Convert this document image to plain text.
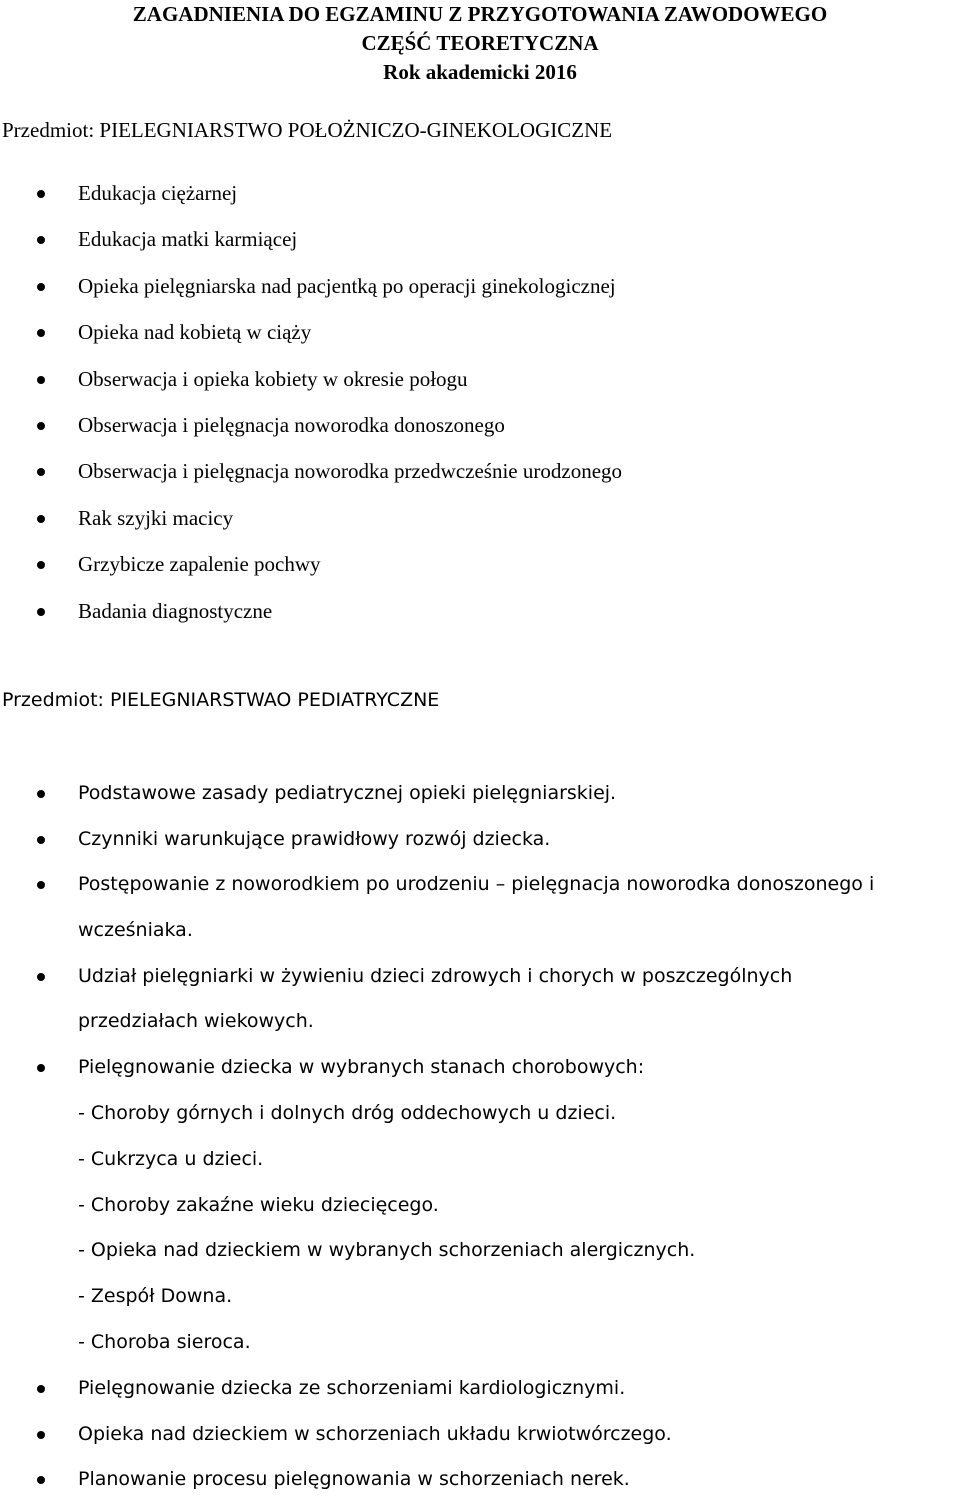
ZAGADNIENIA DO EGZAMINU Z PRZYGOTOWANIA ZAWODOWEGO
CZĘŚĆ TEORETYCZNA
Rok akademicki 2016
Przedmiot: PIELEGNIARSTWO POŁOŻNICZO-GINEKOLOGICZNE
Edukacja ciężarnej
Edukacja matki karmiącej
Opieka pielęgniarska nad pacjentką po operacji ginekologicznej
Opieka nad kobietą w ciąży
Obserwacja i opieka kobiety w okresie połogu
Obserwacja i pielęgnacja noworodka donoszonego
Obserwacja i pielęgnacja noworodka przedwcześnie urodzonego
Rak szyjki macicy
Grzybicze zapalenie pochwy
Badania diagnostyczne
Przedmiot: PIELEGNIARSTWAO PEDIATRYCZNE
Podstawowe zasady pediatrycznej opieki pielęgniarskiej.
Czynniki warunkujące prawidłowy rozwój dziecka.
Postępowanie z noworodkiem po urodzeniu – pielęgnacja noworodka donoszonego i
wcześniaka.
Udział pielęgniarki w żywieniu dzieci zdrowych i chorych w poszczególnych
przedziałach wiekowych.
Pielęgnowanie dziecka w wybranych stanach chorobowych:
- Choroby górnych i dolnych dróg oddechowych u dzieci.
- Cukrzyca u dzieci.
- Choroby zakaźne wieku dziecięcego.
- Opieka nad dzieckiem w wybranych schorzeniach alergicznych.
- Zespół Downa.
- Choroba sieroca.
Pielęgnowanie dziecka ze schorzeniami kardiologicznymi.
Opieka nad dzieckiem w schorzeniach układu krwiotwórczego.
Planowanie procesu pielęgnowania w schorzeniach nerek.
